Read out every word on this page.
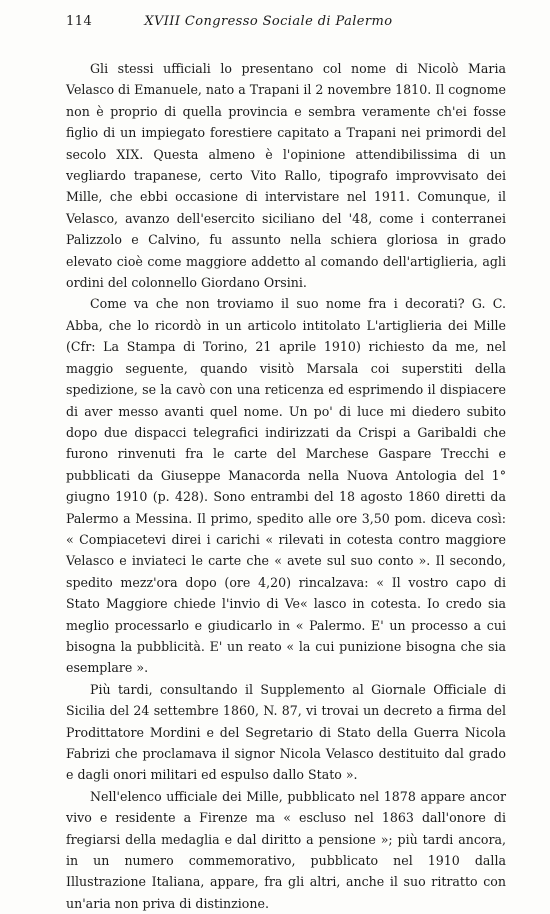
114	XVIII Congresso Sociale di Palermo

Gli stessi ufficiali lo presentano col nome di Nicolò Maria Velasco di Emanuele, nato a Trapani il 2 novembre 1810. Il cognome non è proprio di quella provincia e sembra veramente ch'ei fosse figlio di un impiegato forestiere capitato a Trapani nei primordi del secolo XIX. Questa almeno è l'opinione attendibilissima di un vegliardo trapanese, certo Vito Rallo, tipografo improvvisato dei Mille, che ebbi occasione di intervistare nel 1911. Comunque, il Velasco, avanzo dell'esercito siciliano del '48, come i conterranei Palizzolo e Calvino, fu assunto nella schiera gloriosa in grado elevato cioè come maggiore addetto al comando dell'artiglieria, agli ordini del colonnello Giordano Orsini.

Come va che non troviamo il suo nome fra i decorati? G. C. Abba, che lo ricordò in un articolo intitolato L'artiglieria dei Mille (Cfr: La Stampa di Torino, 21 aprile 1910) richiesto da me, nel maggio seguente, quando visitò Marsala coi superstiti della spedizione, se la cavò con una reticenza ed esprimendo il dispiacere di aver messo avanti quel nome. Un po' di luce mi diedero subito dopo due dispacci telegrafici indirizzati da Crispi a Garibaldi che furono rinvenuti fra le carte del Marchese Gaspare Trecchi e pubblicati da Giuseppe Manacorda nella Nuova Antologia del 1° giugno 1910 (p. 428). Sono entrambi del 18 agosto 1860 diretti da Palermo a Messina. Il primo, spedito alle ore 3,50 pom. diceva così: « Compiacetevi direi i carichi « rilevati in cotesta contro maggiore Velasco e inviateci le carte che « avete sul suo conto ». Il secondo, spedito mezz'ora dopo (ore 4,20) rincalzava: « Il vostro capo di Stato Maggiore chiede l'invio di Ve« lasco in cotesta. Io credo sia meglio processarlo e giudicarlo in « Palermo. E' un processo a cui bisogna la pubblicità. E' un reato « la cui punizione bisogna che sia esemplare ».

Più tardi, consultando il Supplemento al Giornale Officiale di Sicilia del 24 settembre 1860, N. 87, vi trovai un decreto a firma del Prodittatore Mordini e del Segretario di Stato della Guerra Nicola Fabrizi che proclamava il signor Nicola Velasco destituito dal grado e dagli onori militari ed espulso dallo Stato ».

Nell'elenco ufficiale dei Mille, pubblicato nel 1878 appare ancor vivo e residente a Firenze ma « escluso nel 1863 dall'onore di fregiarsi della medaglia e dal diritto a pensione »; più tardi ancora, in un numero commemorativo, pubblicato nel 1910 dalla Illustrazione Italiana, appare, fra gli altri, anche il suo ritratto con un'aria non priva di distinzione.
